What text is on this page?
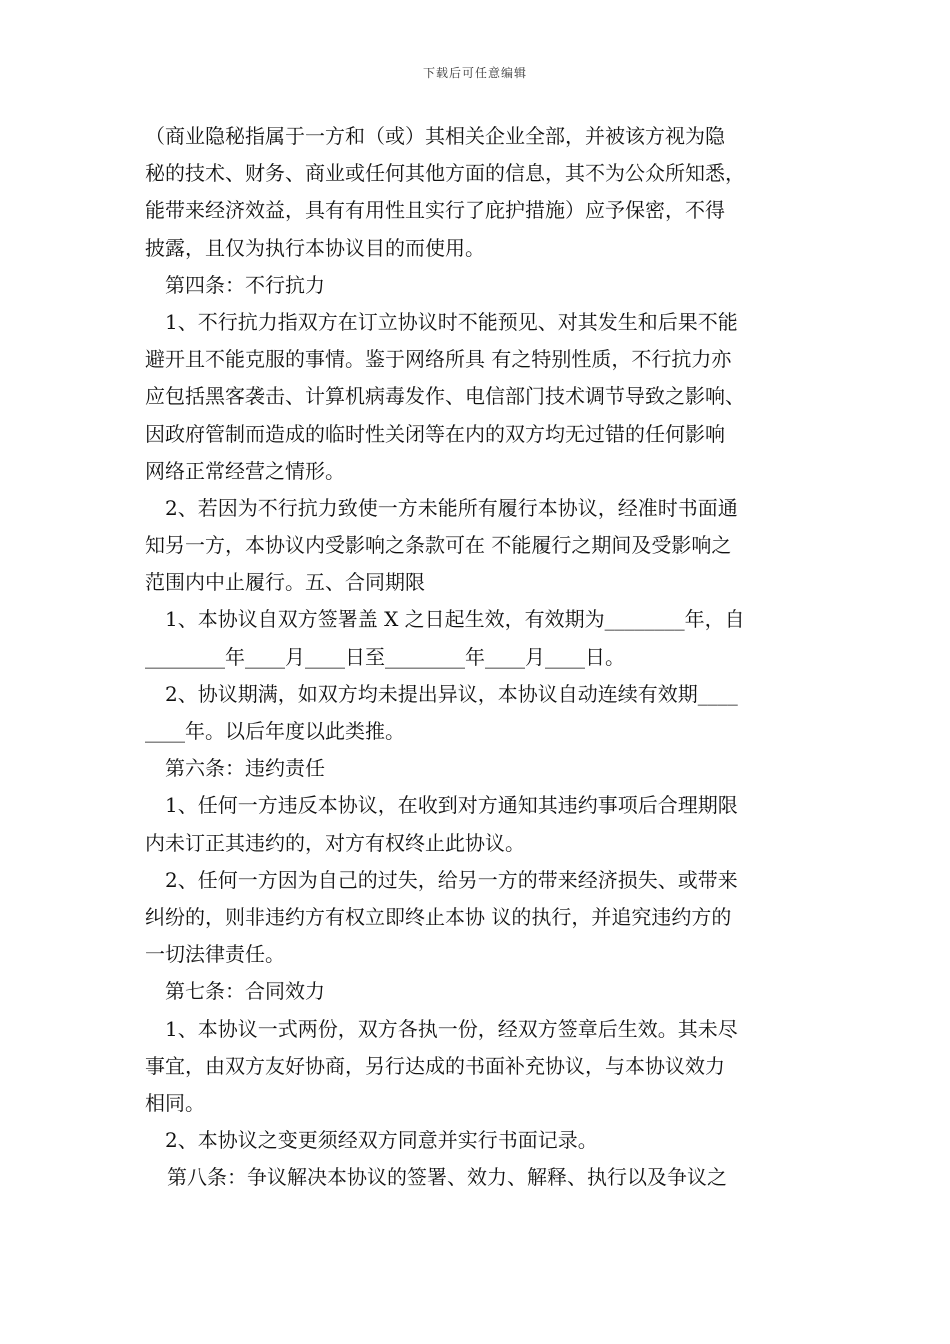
下载后可任意编辑
（商业隐秘指属于一方和（或）其相关企业全部，并被该方视为隐
秘的技术、财务、商业或任何其他方面的信息，其不为公众所知悉，
能带来经济效益，具有有用性且实行了庇护措施）应予保密，不得
披露，且仅为执行本协议目的而使用。
第四条：不行抗力
1、不行抗力指双方在订立协议时不能预见、对其发生和后果不能
避开且不能克服的事情。鉴于网络所具 有之特别性质，不行抗力亦
应包括黑客袭击、计算机病毒发作、电信部门技术调节导致之影响、
因政府管制而造成的临时性关闭等在内的双方均无过错的任何影响
网络正常经营之情形。
2、若因为不行抗力致使一方未能所有履行本协议，经准时书面通
知另一方，本协议内受影响之条款可在 不能履行之期间及受影响之
范围内中止履行。五、合同期限
1、本协议自双方签署盖 X 之日起生效，有效期为________年，自
________年____月____日至________年____月____日。
2、协议期满，如双方均未提出异议，本协议自动连续有效期____
____年。以后年度以此类推。
第六条：违约责任
1、任何一方违反本协议，在收到对方通知其违约事项后合理期限
内未订正其违约的，对方有权终止此协议。
2、任何一方因为自己的过失，给另一方的带来经济损失、或带来
纠纷的，则非违约方有权立即终止本协 议的执行，并追究违约方的
一切法律责任。
第七条：合同效力
1、本协议一式两份，双方各执一份，经双方签章后生效。其未尽
事宜，由双方友好协商，另行达成的书面补充协议，与本协议效力
相同。
2、本协议之变更须经双方同意并实行书面记录。
第八条：争议解决本协议的签署、效力、解释、执行以及争议之
